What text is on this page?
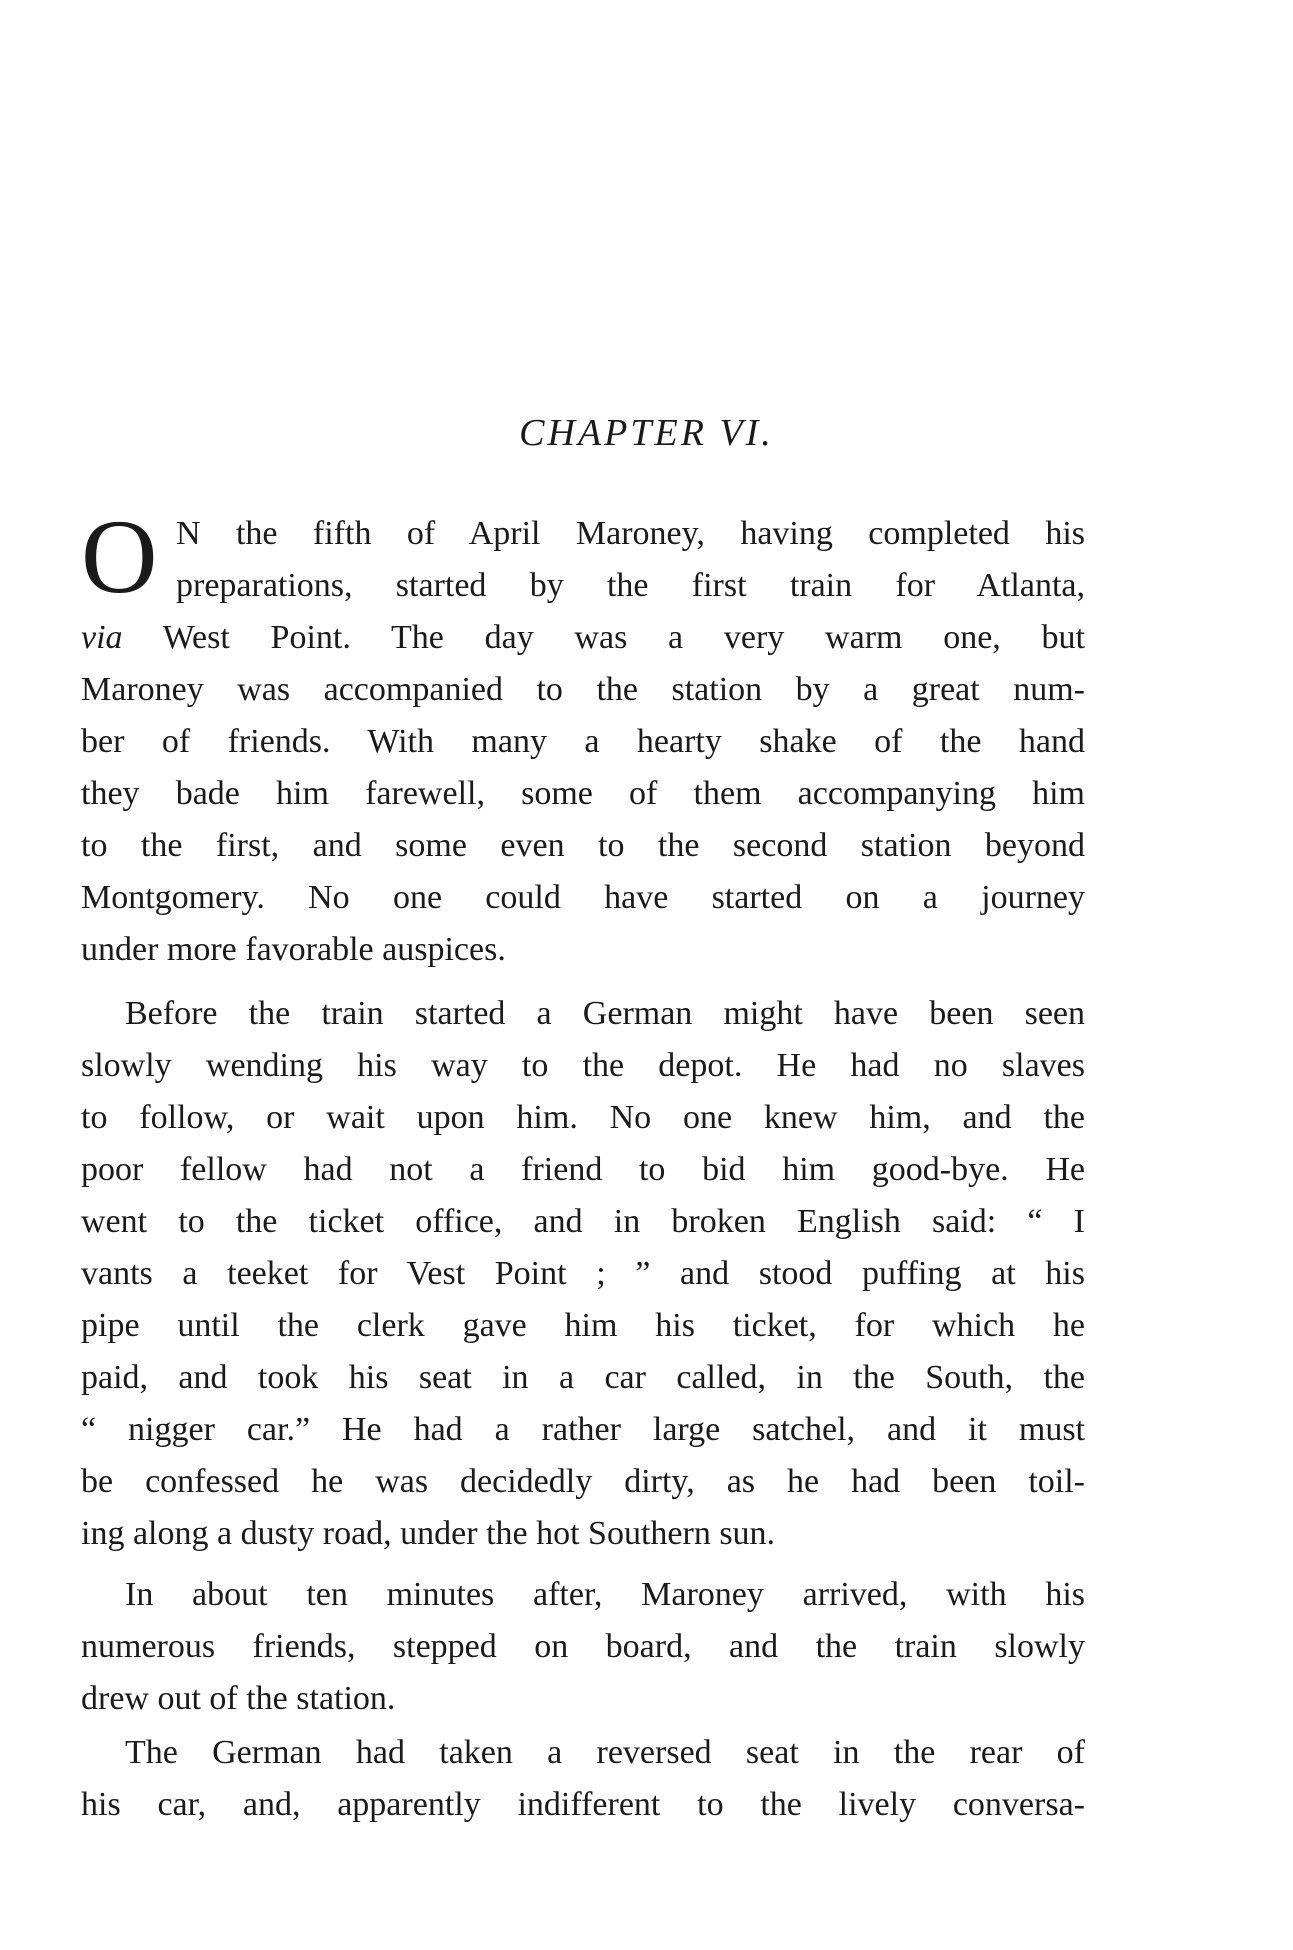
CHAPTER VI.
O N the fifth of April Maroney, having completed his
preparations, started by the first train for Atlanta,
via West Point. The day was a very warm one, but
Maroney was accompanied to the station by a great num-
ber of friends. With many a hearty shake of the hand
they bade him farewell, some of them accompanying him
to the first, and some even to the second station beyond
Montgomery. No one could have started on a journey
under more favorable auspices.
Before the train started a German might have been seen
slowly wending his way to the depot. He had no slaves
to follow, or wait upon him. No one knew him, and the
poor fellow had not a friend to bid him good-bye. He
went to the ticket office, and in broken English said: “ I
vants a teeket for Vest Point ; ” and stood puffing at his
pipe until the clerk gave him his ticket, for which he
paid, and took his seat in a car called, in the South, the
“ nigger car.” He had a rather large satchel, and it must
be confessed he was decidedly dirty, as he had been toil-
ing along a dusty road, under the hot Southern sun.
In about ten minutes after, Maroney arrived, with his
numerous friends, stepped on board, and the train slowly
drew out of the station.
The German had taken a reversed seat in the rear of
his car, and, apparently indifferent to the lively conversa-
